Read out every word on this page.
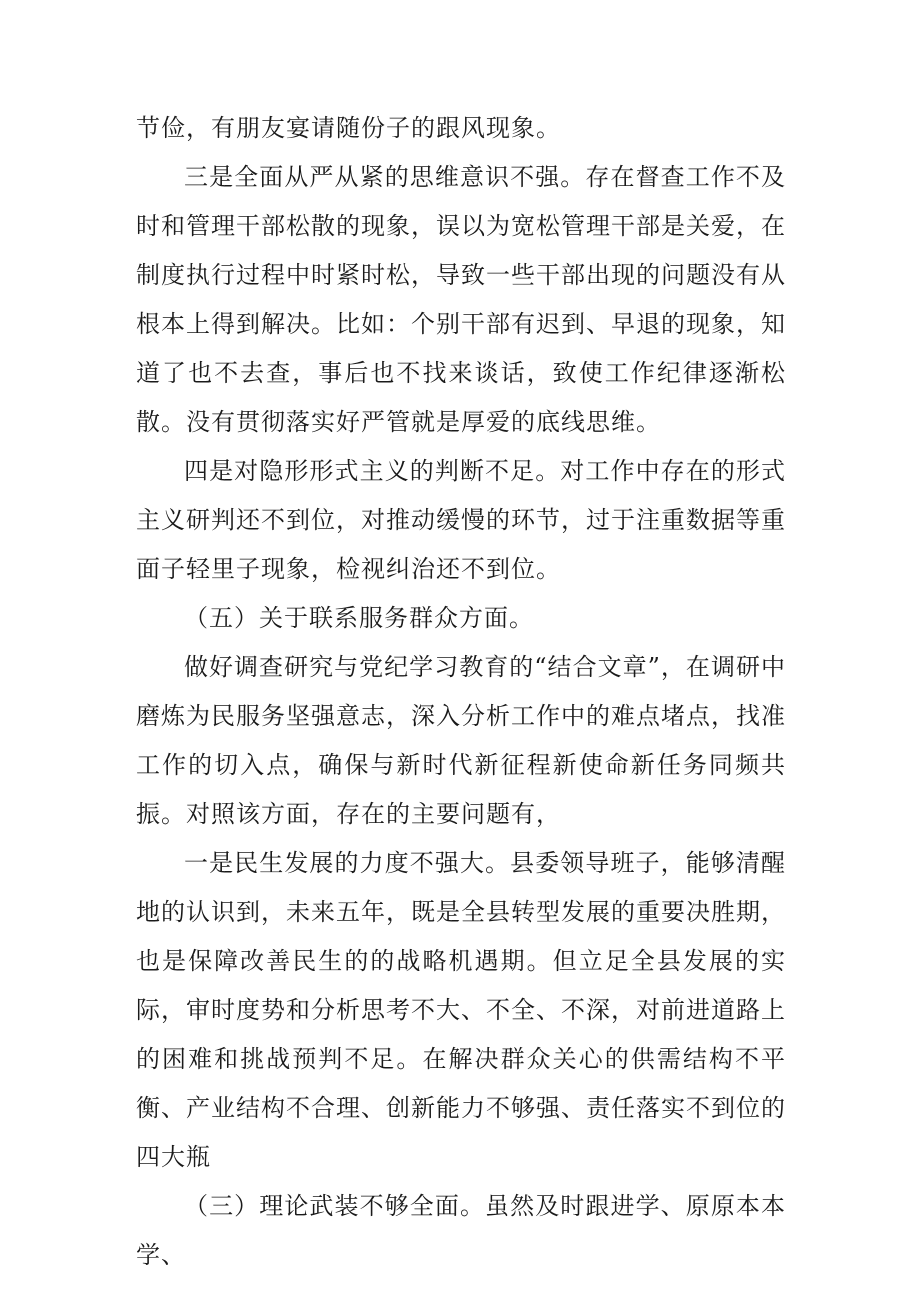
节俭，有朋友宴请随份子的跟风现象。

三是全面从严从紧的思维意识不强。存在督查工作不及时和管理干部松散的现象，误以为宽松管理干部是关爱，在制度执行过程中时紧时松，导致一些干部出现的问题没有从根本上得到解决。比如：个别干部有迟到、早退的现象，知道了也不去查，事后也不找来谈话，致使工作纪律逐渐松散。没有贯彻落实好严管就是厚爱的底线思维。

四是对隐形形式主义的判断不足。对工作中存在的形式主义研判还不到位，对推动缓慢的环节，过于注重数据等重面子轻里子现象，检视纠治还不到位。

（五）关于联系服务群众方面。

做好调查研究与党纪学习教育的“结合文章”，在调研中磨炼为民服务坚强意志，深入分析工作中的难点堵点，找准工作的切入点，确保与新时代新征程新使命新任务同频共振。对照该方面，存在的主要问题有，

一是民生发展的力度不强大。县委领导班子，能够清醒地的认识到，未来五年，既是全县转型发展的重要决胜期，也是保障改善民生的的战略机遇期。但立足全县发展的实际，审时度势和分析思考不大、不全、不深，对前进道路上的困难和挑战预判不足。在解决群众关心的供需结构不平衡、产业结构不合理、创新能力不够强、责任落实不到位的四大瓶

（三）理论武装不够全面。虽然及时跟进学、原原本本学、
